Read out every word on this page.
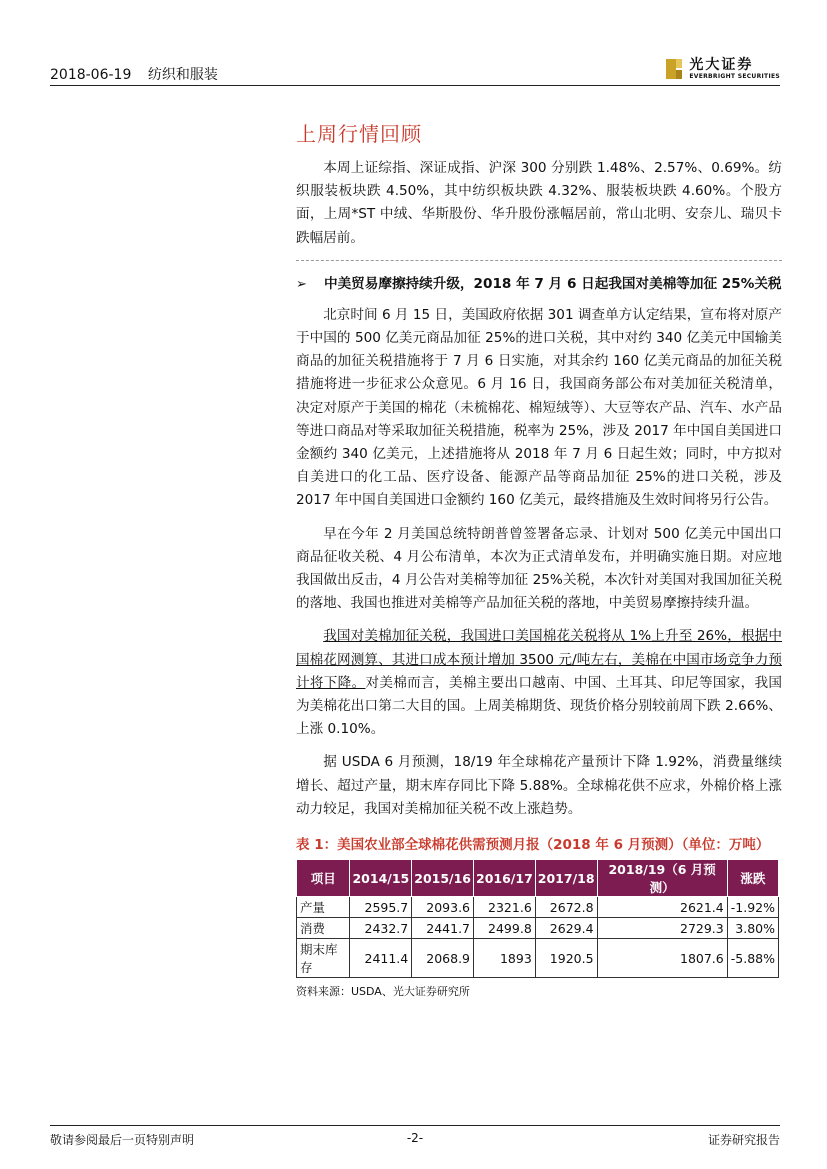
2018-06-19 纺织和服装
光大证券
EVERBRIGHT SECURITIES
上周行情回顾

本周上证综指、深证成指、沪深 300 分别跌 1.48%、2.57%、0.69%。纺织服装板块跌 4.50%，其中纺织板块跌 4.32%、服装板块跌 4.60%。个股方面，上周*ST 中绒、华斯股份、华升股份涨幅居前，常山北明、安奈儿、瑞贝卡跌幅居前。

➢	中美贸易摩擦持续升级，2018 年 7 月 6 日起我国对美棉等加征 25%关税

北京时间 6 月 15 日，美国政府依据 301 调查单方认定结果，宣布将对原产于中国的 500 亿美元商品加征 25%的进口关税，其中对约 340 亿美元中国输美商品的加征关税措施将于 7 月 6 日实施，对其余约 160 亿美元商品的加征关税措施将进一步征求公众意见。6 月 16 日，我国商务部公布对美加征关税清单，决定对原产于美国的棉花（未梳棉花、棉短绒等）、大豆等农产品、汽车、水产品等进口商品对等采取加征关税措施，税率为 25%，涉及 2017 年中国自美国进口金额约 340 亿美元，上述措施将从 2018 年 7 月 6 日起生效；同时，中方拟对自美进口的化工品、医疗设备、能源产品等商品加征 25%的进口关税，涉及 2017 年中国自美国进口金额约 160 亿美元，最终措施及生效时间将另行公告。

早在今年 2 月美国总统特朗普曾签署备忘录、计划对 500 亿美元中国出口商品征收关税、4 月公布清单，本次为正式清单发布，并明确实施日期。对应地我国做出反击，4 月公告对美棉等加征 25%关税，本次针对美国对我国加征关税的落地、我国也推进对美棉等产品加征关税的落地，中美贸易摩擦持续升温。

我国对美棉加征关税，我国进口美国棉花关税将从 1%上升至 26%，根据中国棉花网测算、其进口成本预计增加 3500 元/吨左右，美棉在中国市场竞争力预计将下降。对美棉而言，美棉主要出口越南、中国、土耳其、印尼等国家，我国为美棉花出口第二大目的国。上周美棉期货、现货价格分别较前周下跌 2.66%、上涨 0.10%。

据 USDA 6 月预测，18/19 年全球棉花产量预计下降 1.92%，消费量继续增长、超过产量，期末库存同比下降 5.88%。全球棉花供不应求，外棉价格上涨动力较足，我国对美棉加征关税不改上涨趋势。

表 1：美国农业部全球棉花供需预测月报（2018 年 6 月预测）（单位：万吨）
项目	2014/15	2015/16	2016/17	2017/18	2018/19（6 月预测）	涨跌
产量	2595.7	2093.6	2321.6	2672.8	2621.4	-1.92%
消费	2432.7	2441.7	2499.8	2629.4	2729.3	3.80%
期末库存	2411.4	2068.9	1893	1920.5	1807.6	-5.88%
资料来源：USDA、光大证券研究所
敬请参阅最后一页特别声明	-2-	证券研究报告
